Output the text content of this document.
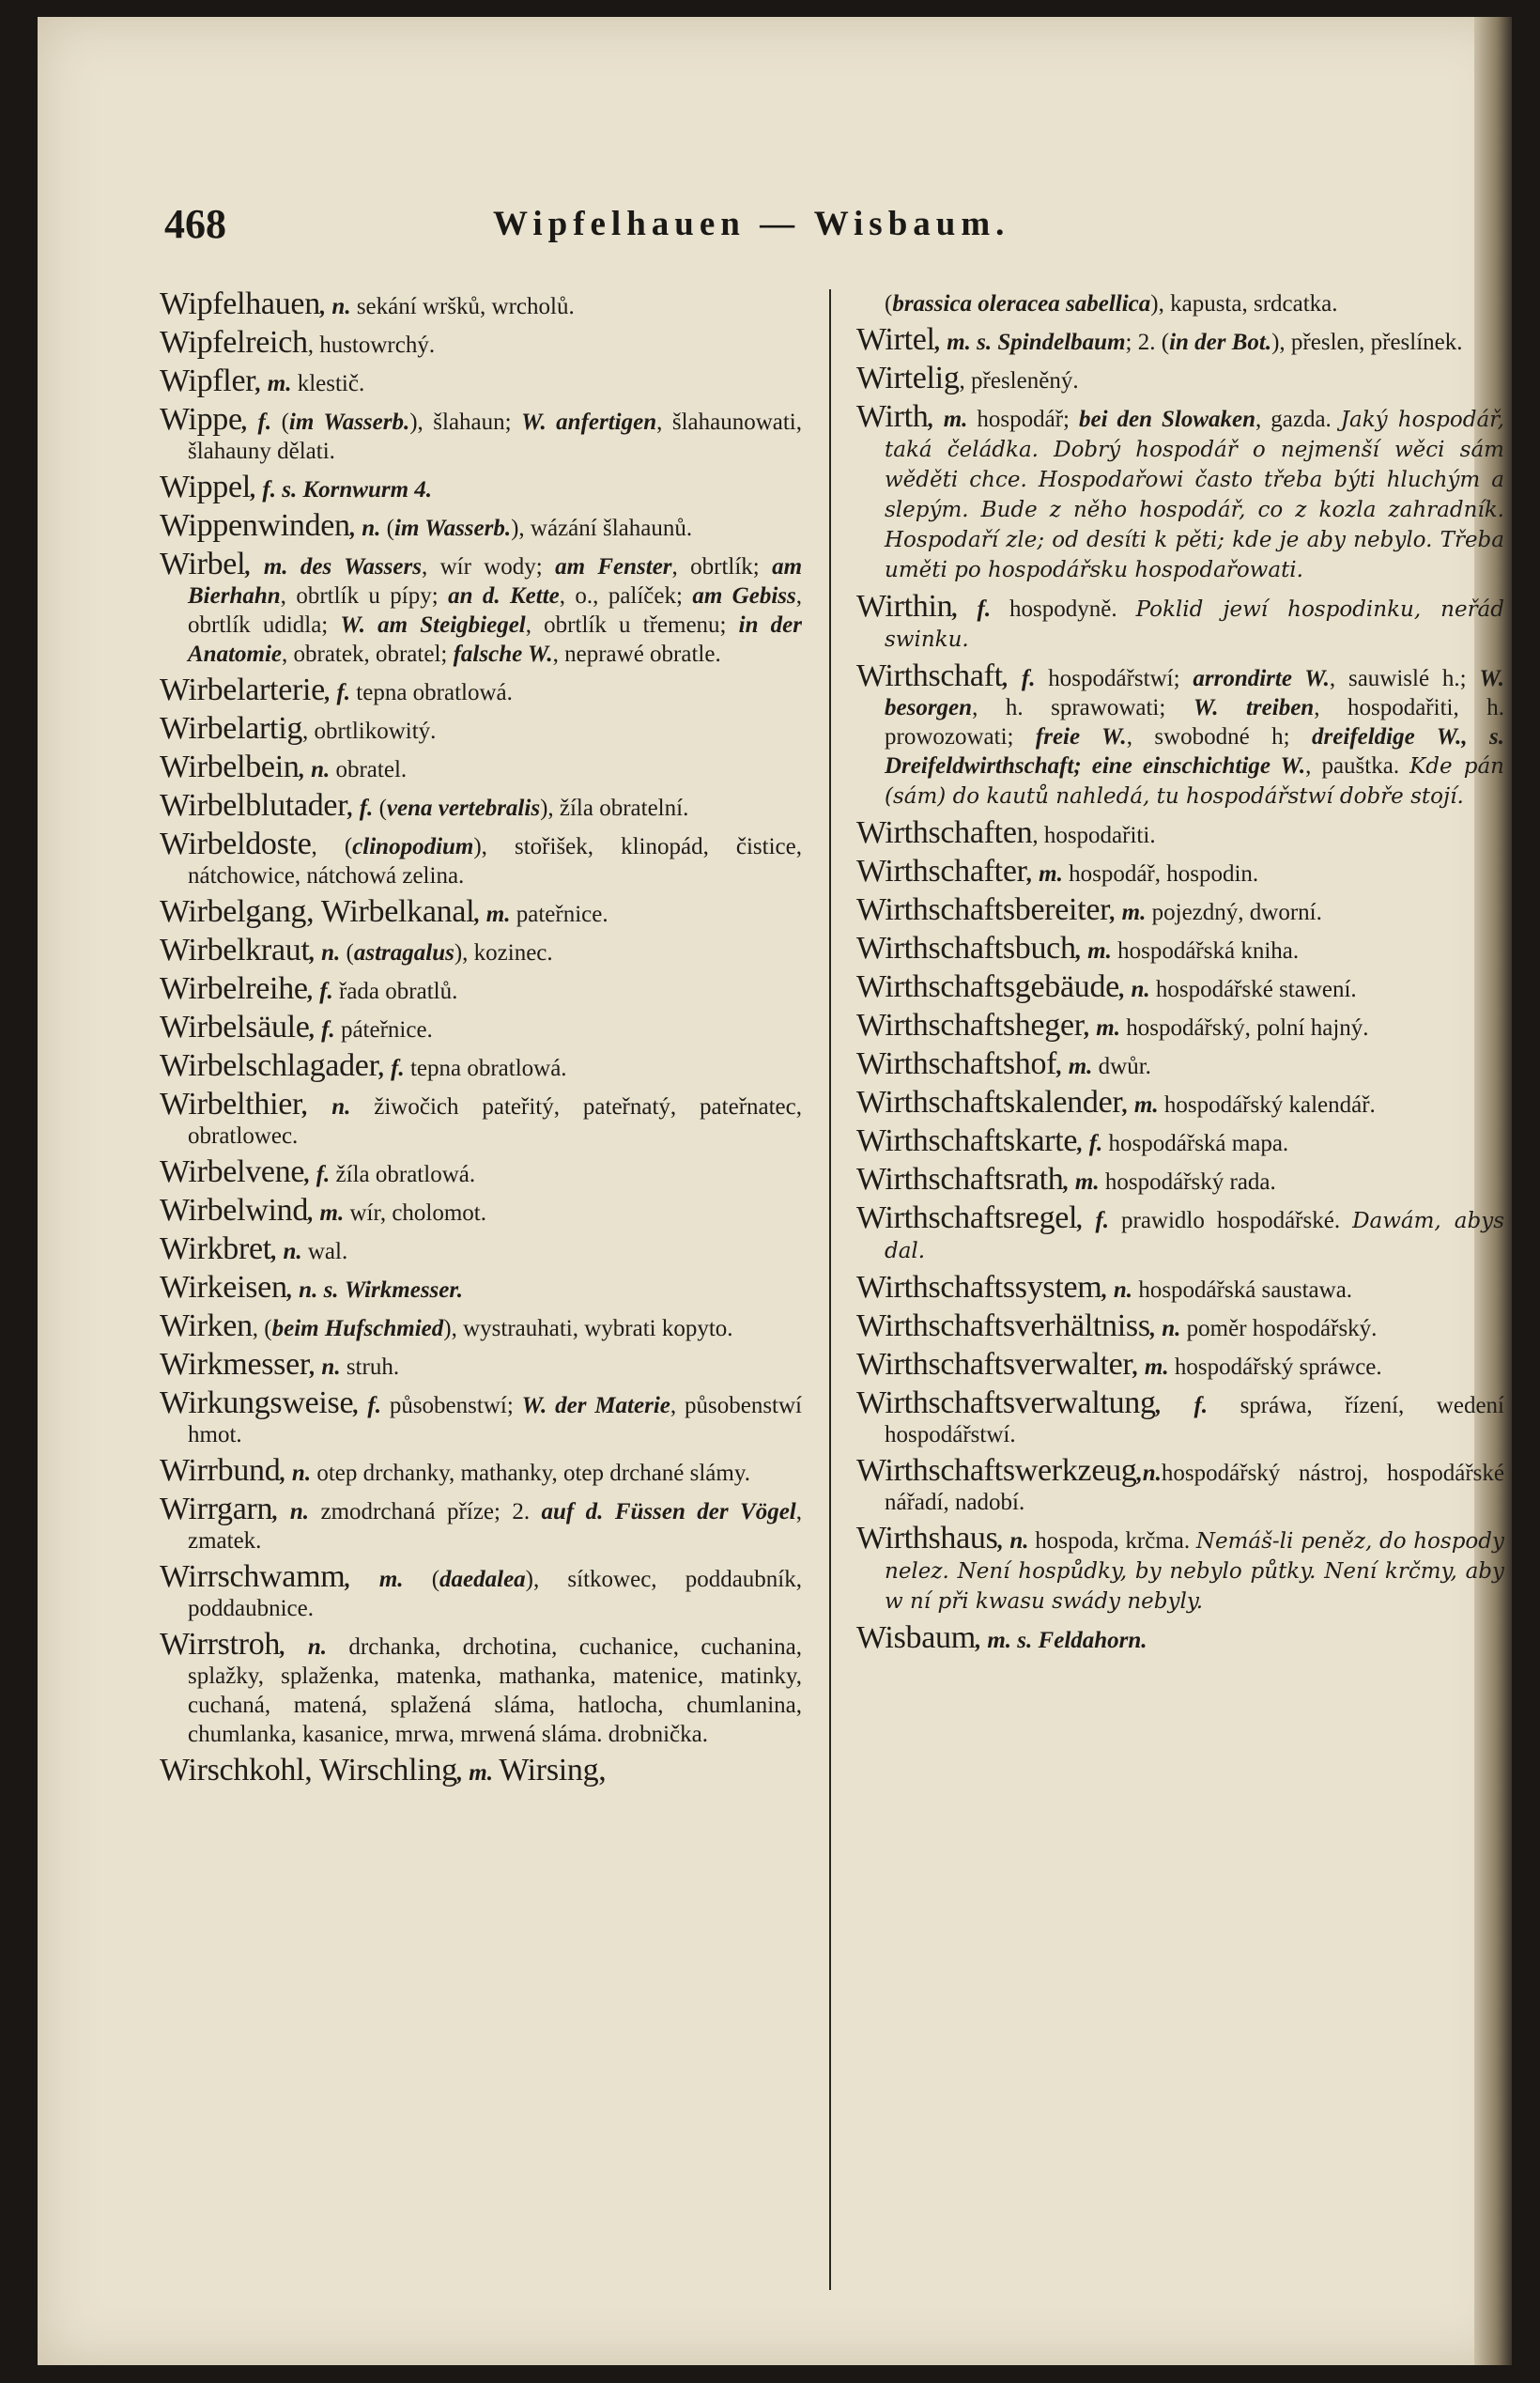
468	Wipfelhauen — Wisbaum.

Wipfelhauen, n. sekání wršků, wrcholů.

Wipfelreich, hustowrchý.

Wipfler, m. klestič.

Wippe, f. (im Wasserb.), šlahaun; W. anfertigen, šlahaunowati, šlahauny dělati.

Wippel, f. s. Kornwurm 4.

Wippenwinden, n. (im Wasserb.), wázání šlahaunů.

Wirbel, m. des Wassers, wír wody; am Fenster, obrtlík; am Bierhahn, obrtlík u pípy; an d. Kette, o., palíček; am Gebiss, obrtlík udidla; W. am Steigbiegel, obrtlík u třemenu; in der Anatomie, obratek, obratel; falsche W., neprawé obratle.

Wirbelarterie, f. tepna obratlowá.

Wirbelartig, obrtlikowitý.

Wirbelbein, n. obratel.

Wirbelblutader, f. (vena vertebralis), žíla obratelní.

Wirbeldoste, (clinopodium), stořišek, klinopád, čistice, nátchowice, nátchowá zelina.

Wirbelgang, Wirbelkanal, m. pateřnice.

Wirbelkraut, n. (astragalus), kozinec.

Wirbelreihe, f. řada obratlů.

Wirbelsäule, f. páteřnice.

Wirbelschlagader, f. tepna obratlowá.

Wirbelthier, n. žiwočich pateřitý, pateřnatý, pateřnatec, obratlowec.

Wirbelvene, f. žíla obratlowá.

Wirbelwind, m. wír, cholomot.

Wirkbret, n. wal.

Wirkeisen, n. s. Wirkmesser.

Wirken, (beim Hufschmied), wystrauhati, wybrati kopyto.

Wirkmesser, n. struh.

Wirkungsweise, f. působenstwí; W. der Materie, působenstwí hmot.

Wirrbund, n. otep drchanky, mathanky, otep drchané slámy.

Wirrgarn, n. zmodrchaná příze; 2. auf d. Füssen der Vögel, zmatek.

Wirrschwamm, m. (daedalea), sítkowec, poddaubník, poddaubnice.

Wirrstroh, n. drchanka, drchotina, cuchanice, cuchanina, splažky, splaženka, matenka, mathanka, matenice, matinky, cuchaná, matená, splažená sláma, hatlocha, chumlanina, chumlanka, kasanice, mrwa, mrwená sláma. drobnička.

Wirschkohl, Wirschling, m. Wirsing,

(brassica oleracea sabellica), kapusta, srdcatka.

Wirtel, m. s. Spindelbaum; 2. (in der Bot.), přeslen, přeslínek.

Wirtelig, přesleněný.

Wirth, m. hospodář; bei den Slowaken, gazda. Jaký hospodář, taká čeládka. Dobrý hospodář o nejmenší wěci sám wěděti chce. Hospodařowi často třeba býti hluchým a slepým. Bude z něho hospodář, co z kozla zahradník. Hospodaří zle; od desíti k pěti; kde je aby nebylo. Třeba uměti po hospodářsku hospodařowati.

Wirthin, f. hospodyně. Poklid jewí hospodinku, neřád swinku.

Wirthschaft, f. hospodářstwí; arrondirte W., sauwislé h.; W. besorgen, h. sprawowati; W. treiben, hospodařiti, h. prowozowati; freie W., swobodné h; dreifeldige W., s. Dreifeldwirthschaft; eine einschichtige W., pauštka. Kde pán (sám) do kautů nahledá, tu hospodářstwí dobře stojí.

Wirthschaften, hospodařiti.

Wirthschafter, m. hospodář, hospodin.

Wirthschaftsbereiter, m. pojezdný, dworní.

Wirthschaftsbuch, m. hospodářská kniha.

Wirthschaftsgebäude, n. hospodářské stawení.

Wirthschaftsheger, m. hospodářský, polní hajný.

Wirthschaftshof, m. dwůr.

Wirthschaftskalender, m. hospodářský kalendář.

Wirthschaftskarte, f. hospodářská mapa.

Wirthschaftsrath, m. hospodářský rada.

Wirthschaftsregel, f. prawidlo hospodářské. Dawám, abys dal.

Wirthschaftssystem, n. hospodářská saustawa.

Wirthschaftsverhältniss, n. poměr hospodářský.

Wirthschaftsverwalter, m. hospodářský spráwce.

Wirthschaftsverwaltung, f. spráwa, řízení, wedení hospodářstwí.

Wirthschaftswerkzeug,n.hospodářský nástroj, hospodářské nářadí, nadobí.

Wirthshaus, n. hospoda, krčma. Nemáš-li peněz, do hospody nelez. Není hospůdky, by nebylo půtky. Není krčmy, aby w ní při kwasu swády nebyly.

Wisbaum, m. s. Feldahorn.
